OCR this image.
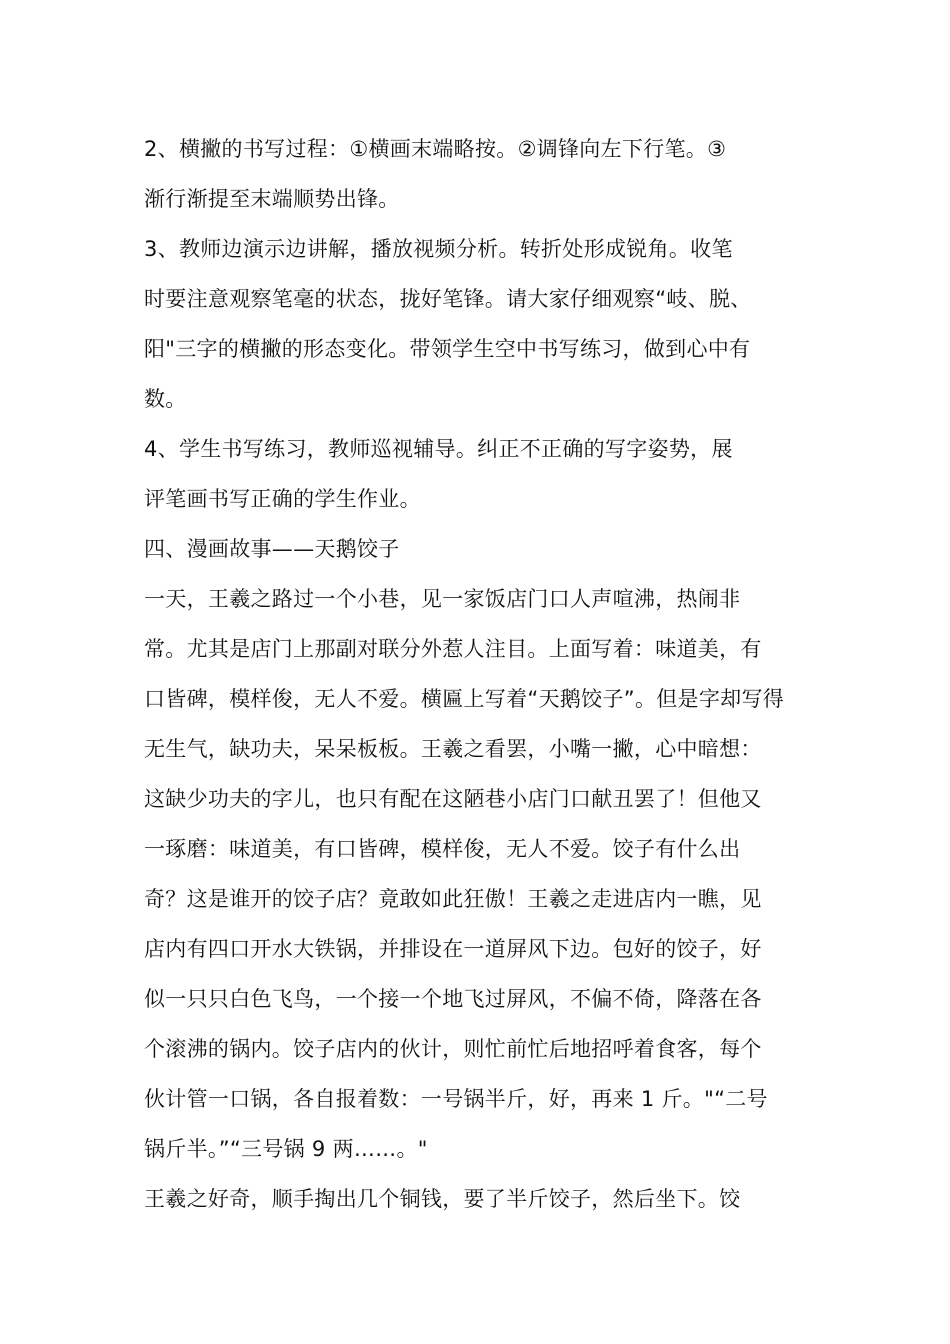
2、横撇的书写过程：①横画末端略按。②调锋向左下行笔。③
渐行渐提至末端顺势出锋。
3、教师边演示边讲解，播放视频分析。转折处形成锐角。收笔
时要注意观察笔毫的状态，拢好笔锋。请大家仔细观察“岐、脱、
阳"三字的横撇的形态变化。带领学生空中书写练习，做到心中有
数。
4、学生书写练习，教师巡视辅导。纠正不正确的写字姿势，展
评笔画书写正确的学生作业。
四、漫画故事——天鹅饺子
一天，王羲之路过一个小巷，见一家饭店门口人声喧沸，热闹非
常。尤其是店门上那副对联分外惹人注目。上面写着：味道美，有
口皆碑，模样俊，无人不爱。横匾上写着“天鹅饺子”。但是字却写得
无生气，缺功夫，呆呆板板。王羲之看罢，小嘴一撇，心中暗想：
这缺少功夫的字儿，也只有配在这陋巷小店门口献丑罢了！但他又
一琢磨：味道美，有口皆碑，模样俊，无人不爱。饺子有什么出
奇？这是谁开的饺子店？竟敢如此狂傲！王羲之走进店内一瞧，见
店内有四口开水大铁锅，并排设在一道屏风下边。包好的饺子，好
似一只只白色飞鸟，一个接一个地飞过屏风，不偏不倚，降落在各
个滚沸的锅内。饺子店内的伙计，则忙前忙后地招呼着食客，每个
伙计管一口锅，各自报着数：一号锅半斤，好，再来 1 斤。"“二号
锅斤半。”“三号锅 9 两……。"
王羲之好奇，顺手掏出几个铜钱，要了半斤饺子，然后坐下。饺
